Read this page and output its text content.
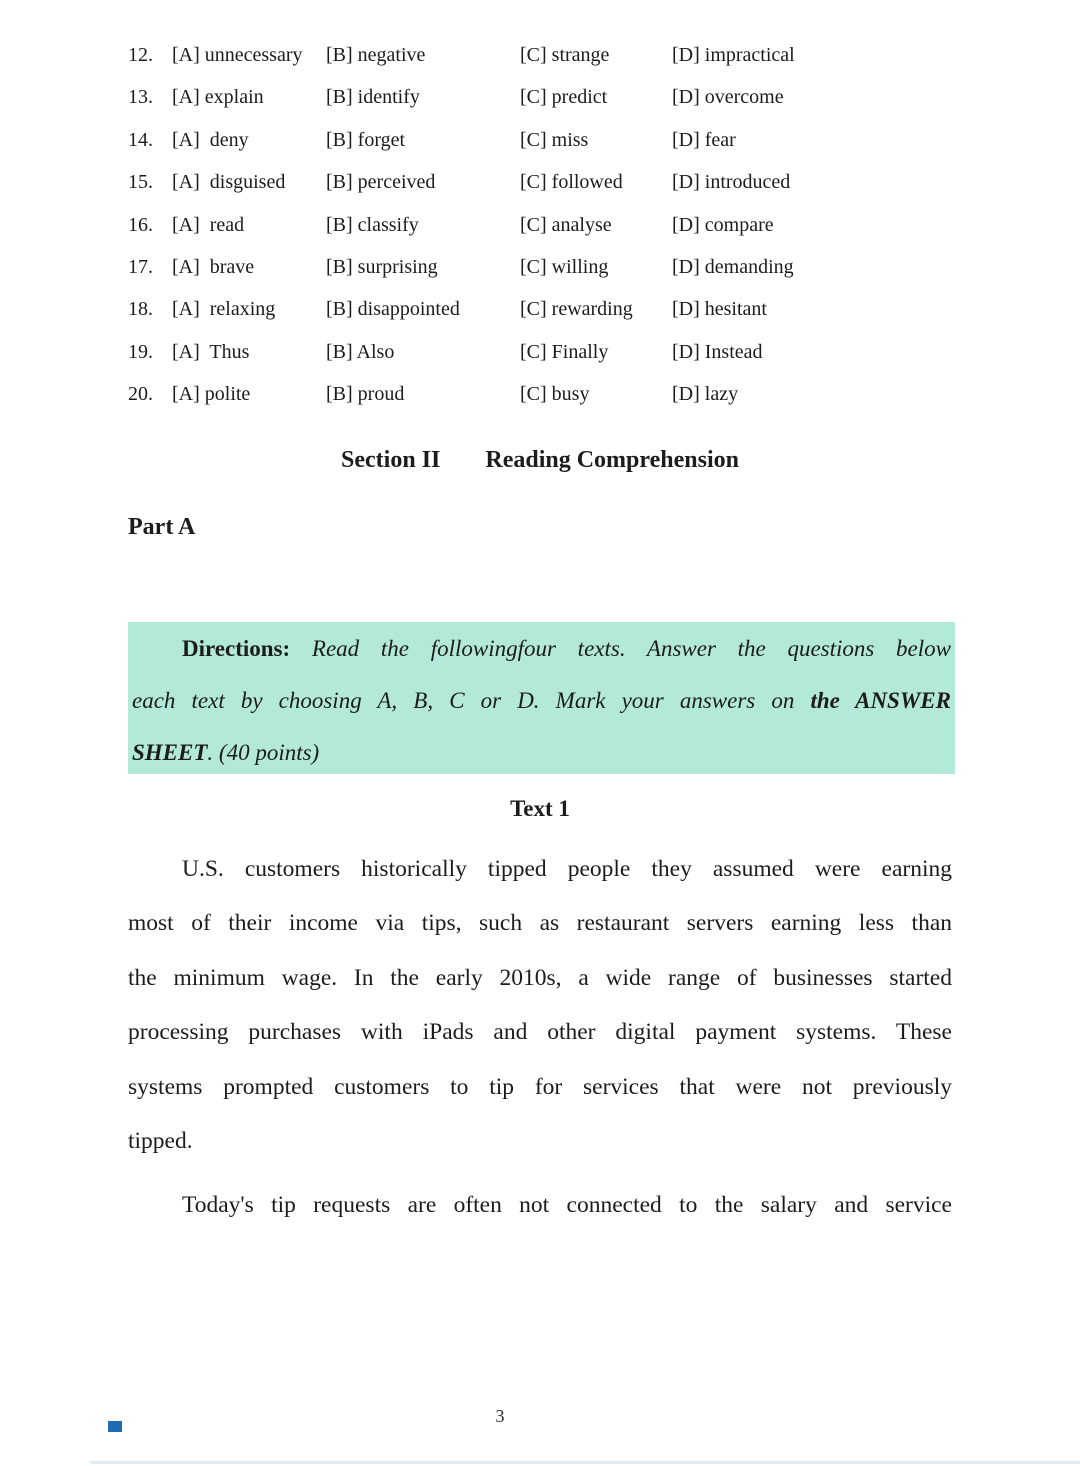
12. [A] unnecessary	[B] negative	[C] strange	[D] impractical
13. [A] explain	[B] identify	[C] predict	[D] overcome
14. [A]  deny	[B] forget	[C] miss	[D] fear
15. [A]  disguised	[B] perceived	[C] followed	[D] introduced
16. [A]  read	[B] classify	[C] analyse	[D] compare
17. [A]  brave	[B] surprising	[C] willing	[D] demanding
18. [A]  relaxing	[B] disappointed	[C] rewarding	[D] hesitant
19. [A]  Thus	[B] Also	[C] Finally	[D] Instead
20. [A] polite	[B] proud	[C] busy	[D] lazy
Section II Reading Comprehension
Part A
Directions: Read the followingfour texts. Answer the questions below
each text by choosing A, B, C or D. Mark your answers on the ANSWER
SHEET. (40 points)
Text 1
U.S. customers historically tipped people they assumed were earning
most of their income via tips, such as restaurant servers earning less than
the minimum wage. In the early 2010s, a wide range of businesses started
processing purchases with iPads and other digital payment systems. These
systems prompted customers to tip for services that were not previously
tipped.
Today's tip requests are often not connected to the salary and service
3
